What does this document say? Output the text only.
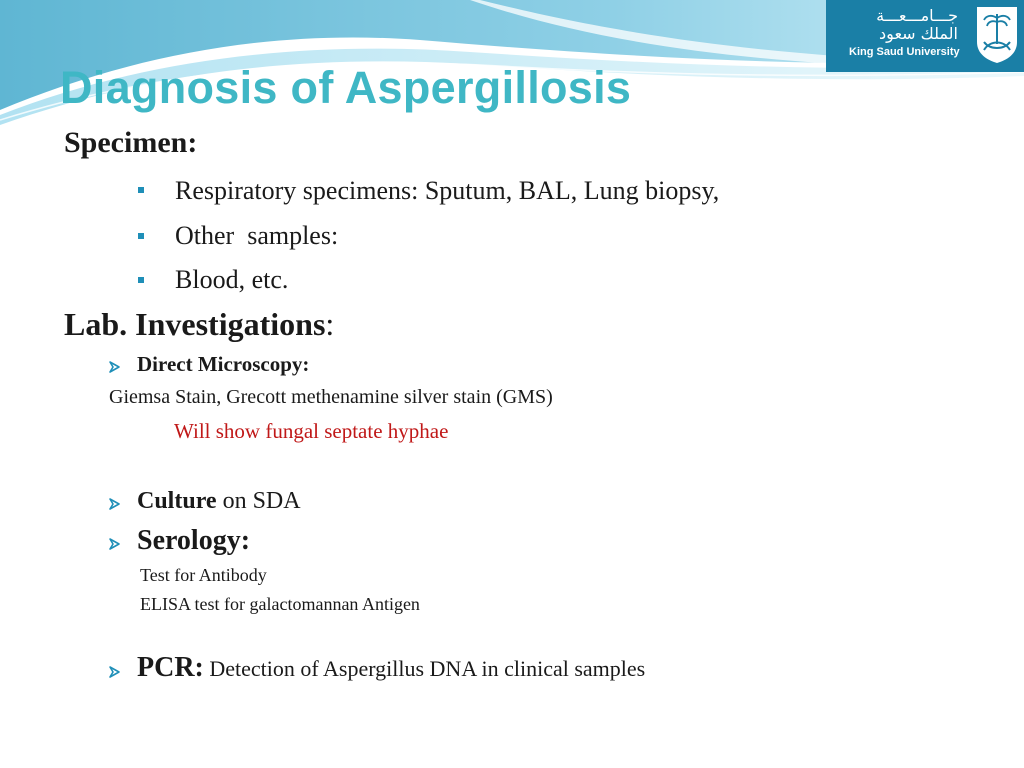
جـــامـــعـــة
الملك سعود
King Saud University
Diagnosis of Aspergillosis
Specimen:
Respiratory specimens: Sputum, BAL, Lung biopsy,
Other  samples:
Blood, etc.
Lab. Investigations:
Direct Microscopy:
Giemsa Stain, Grecott methenamine silver stain (GMS)
Will show fungal septate hyphae
Culture on SDA
Serology:
Test for Antibody
ELISA test for galactomannan Antigen
PCR: Detection of Aspergillus DNA in clinical samples
